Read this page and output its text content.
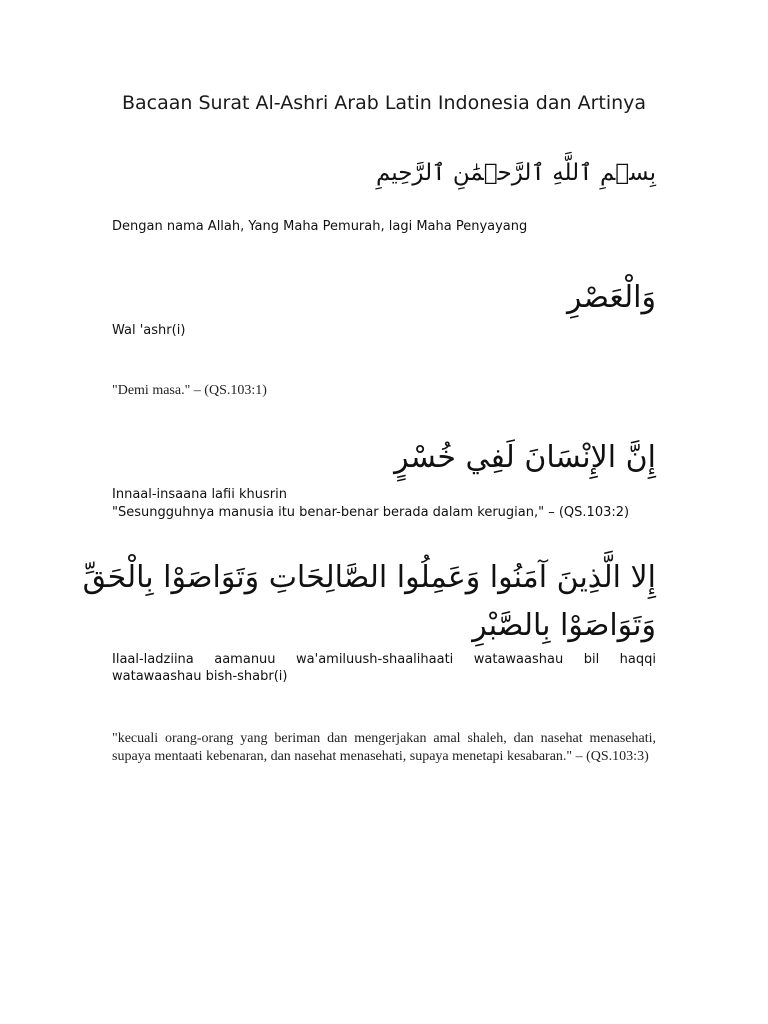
Bacaan Surat Al-Ashri Arab Latin Indonesia dan Artinya
بِسۡمِ ٱللَّهِ ٱلرَّحۡمَٰنِ ٱلرَّحِيمِ
Dengan nama Allah, Yang Maha Pemurah, lagi Maha Penyayang
وَالْعَصْرِ
Wal 'ashr(i)
"Demi masa." – (QS.103:1)
إِنَّ الإِنْسَانَ لَفِي خُسْرٍ
Innaal-insaana lafii khusrin
"Sesungguhnya manusia itu benar-benar berada dalam kerugian," – (QS.103:2)
إِلا الَّذِينَ آمَنُوا وَعَمِلُوا الصَّالِحَاتِ وَتَوَاصَوْا بِالْحَقِّ
وَتَوَاصَوْا بِالصَّبْرِ
Ilaal-ladziina aamanuu wa'amiluush-shaalihaati watawaashau bil haqqi watawaashau bish-shabr(i)
"kecuali orang-orang yang beriman dan mengerjakan amal shaleh, dan nasehat menasehati, supaya mentaati kebenaran, dan nasehat menasehati, supaya menetapi kesabaran." – (QS.103:3)
